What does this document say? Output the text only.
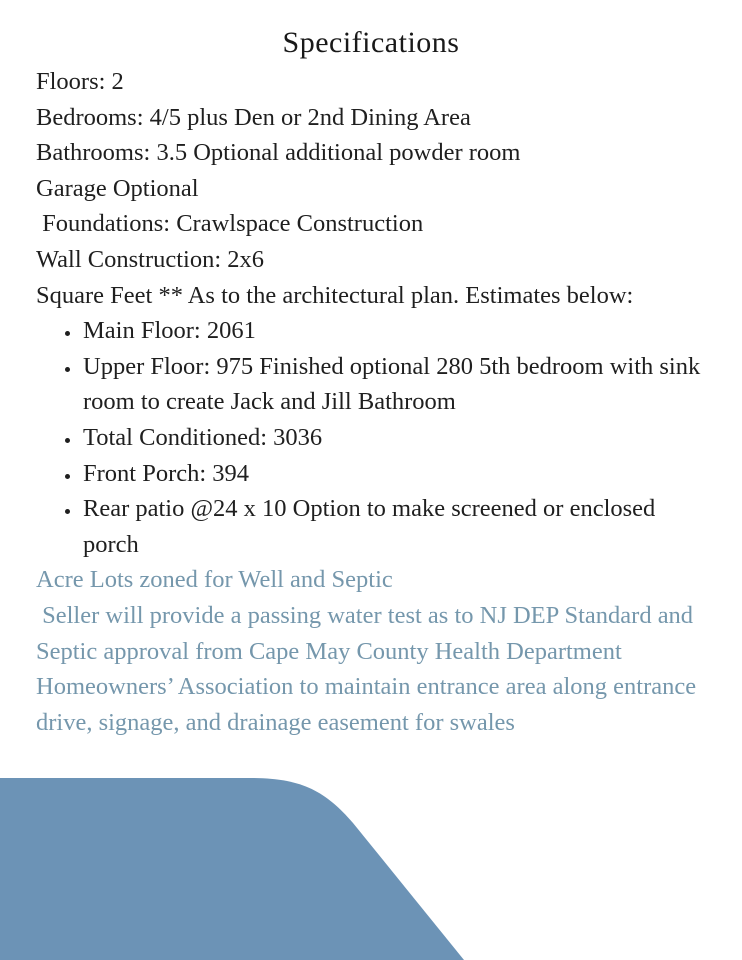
Specifications
Floors: 2
Bedrooms: 4/5 plus Den or 2nd Dining Area
Bathrooms: 3.5 Optional additional powder room
Garage Optional
Foundations: Crawlspace Construction
Wall Construction: 2x6
Square Feet ** As to the architectural plan. Estimates below:
• Main Floor: 2061
• Upper Floor: 975 Finished optional 280 5th bedroom with sink room to create Jack and Jill Bathroom
• Total Conditioned: 3036
• Front Porch: 394
• Rear patio @24 x 10 Option to make screened or enclosed porch

Acre Lots zoned for Well and Septic

Seller will provide a passing water test as to NJ DEP Standard and Septic approval from Cape May County Health Department

Homeowners’ Association to maintain entrance area along entrance drive, signage, and drainage easement for swales
